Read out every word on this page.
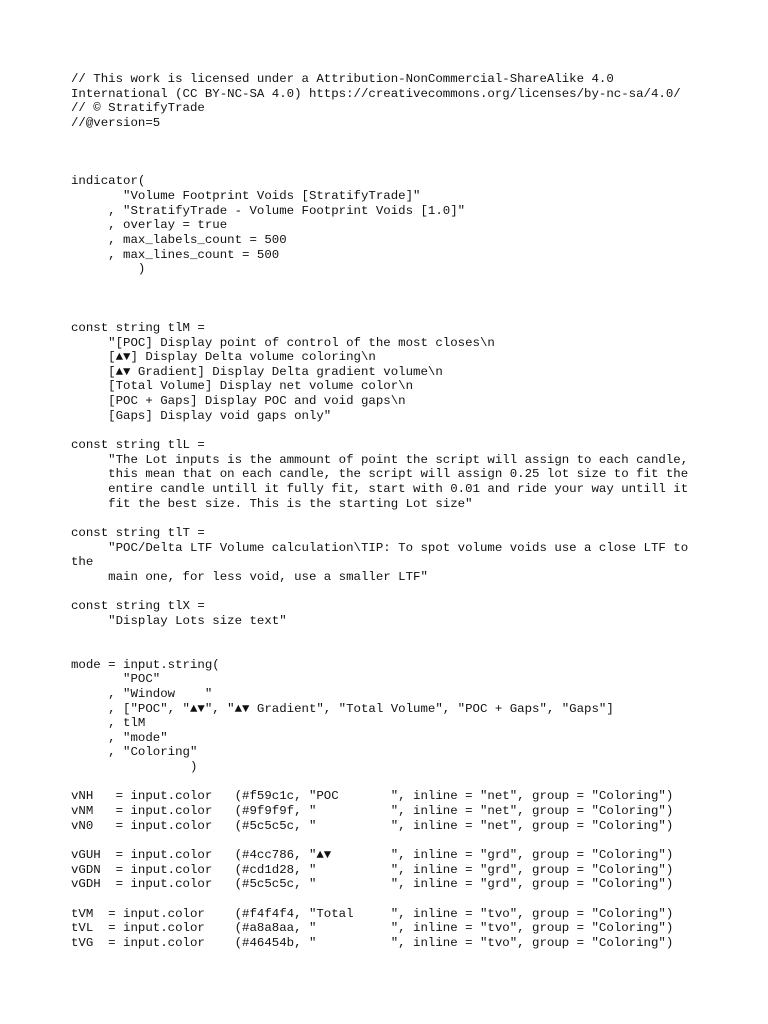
// This work is licensed under a Attribution-NonCommercial-ShareAlike 4.0
International (CC BY-NC-SA 4.0) https://creativecommons.org/licenses/by-nc-sa/4.0/
// © StratifyTrade
//@version=5

indicator(
"Volume Footprint Voids [StratifyTrade]"
, "StratifyTrade - Volume Footprint Voids [1.0]"
, overlay = true
, max_labels_count = 500
, max_lines_count = 500
)

const string tlM =
"[POC] Display point of control of the most closes\n
[▲▼] Display Delta volume coloring\n
[▲▼ Gradient] Display Delta gradient volume\n
[Total Volume] Display net volume color\n
[POC + Gaps] Display POC and void gaps\n
[Gaps] Display void gaps only"

const string tlL =
"The Lot inputs is the ammount of point the script will assign to each candle,
this mean that on each candle, the script will assign 0.25 lot size to fit the
entire candle untill it fully fit, start with 0.01 and ride your way untill it
fit the best size. This is the starting Lot size"

const string tlT =
"POC/Delta LTF Volume calculation\TIP: To spot volume voids use a close LTF to
the
main one, for less void, use a smaller LTF"

const string tlX =
"Display Lots size text"

mode = input.string(
"POC"
, "Window    "
, ["POC", "▲▼", "▲▼ Gradient", "Total Volume", "POC + Gaps", "Gaps"]
, tlM
, "mode"
, "Coloring"
)

vNH   = input.color   (#f59c1c, "POC       ", inline = "net", group = "Coloring")
vNM   = input.color   (#9f9f9f, "          ", inline = "net", group = "Coloring")
vN0   = input.color   (#5c5c5c, "          ", inline = "net", group = "Coloring")

vGUH  = input.color   (#4cc786, "▲▼        ", inline = "grd", group = "Coloring")
vGDN  = input.color   (#cd1d28, "          ", inline = "grd", group = "Coloring")
vGDH  = input.color   (#5c5c5c, "          ", inline = "grd", group = "Coloring")

tVM  = input.color    (#f4f4f4, "Total     ", inline = "tvo", group = "Coloring")
tVL  = input.color    (#a8a8aa, "          ", inline = "tvo", group = "Coloring")
tVG  = input.color    (#46454b, "          ", inline = "tvo", group = "Coloring")
